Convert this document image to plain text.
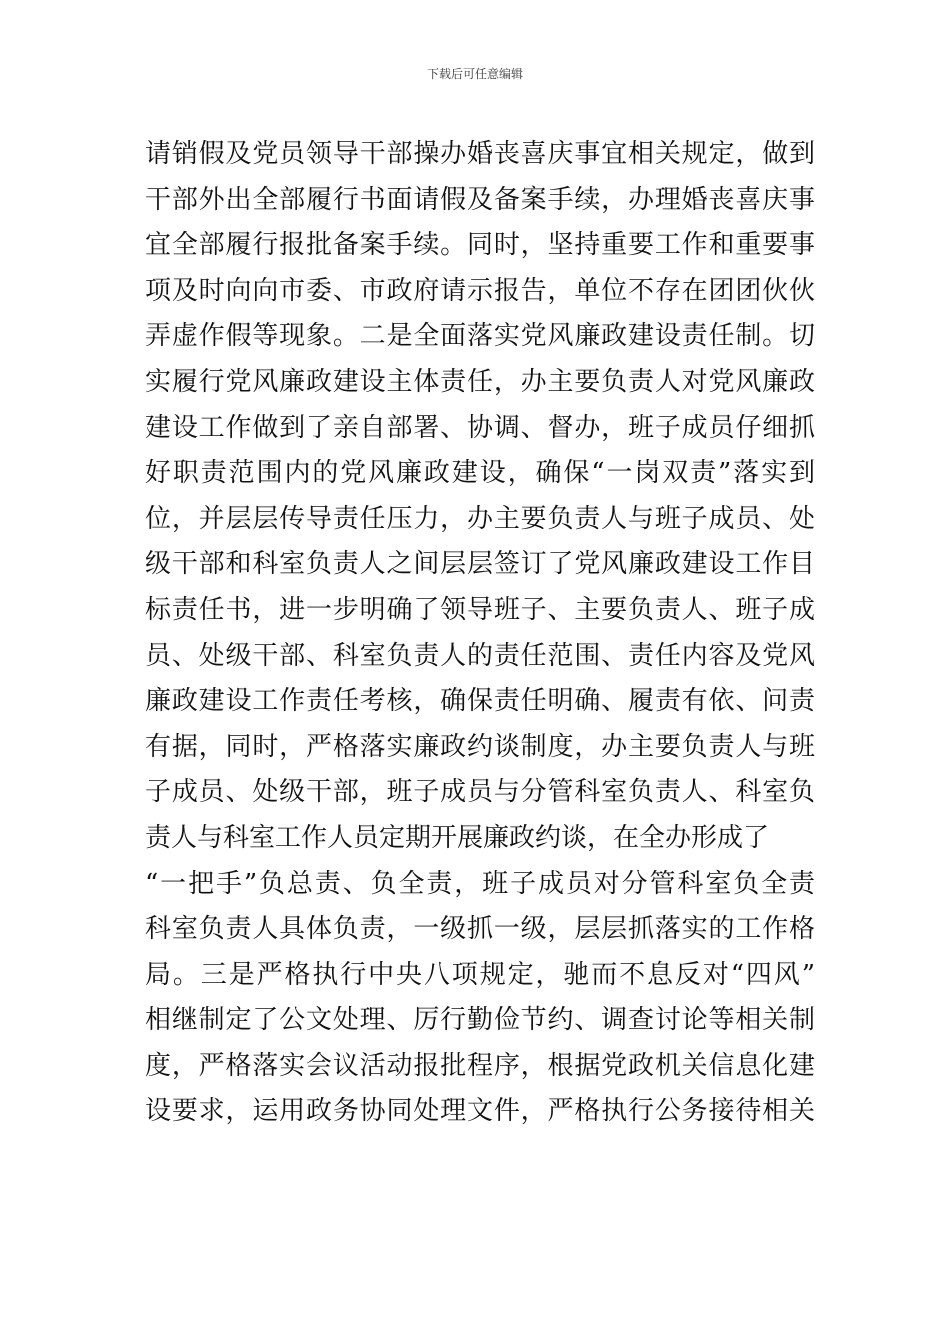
下载后可任意编辑
请销假及党员领导干部操办婚丧喜庆事宜相关规定，做到
干部外出全部履行书面请假及备案手续，办理婚丧喜庆事
宜全部履行报批备案手续。同时，坚持重要工作和重要事
项及时向向市委、市政府请示报告，单位不存在团团伙伙
弄虚作假等现象。二是全面落实党风廉政建设责任制。切
实履行党风廉政建设主体责任，办主要负责人对党风廉政
建设工作做到了亲自部署、协调、督办，班子成员仔细抓
好职责范围内的党风廉政建设，确保“一岗双责”落实到
位，并层层传导责任压力，办主要负责人与班子成员、处
级干部和科室负责人之间层层签订了党风廉政建设工作目
标责任书，进一步明确了领导班子、主要负责人、班子成
员、处级干部、科室负责人的责任范围、责任内容及党风
廉政建设工作责任考核，确保责任明确、履责有依、问责
有据，同时，严格落实廉政约谈制度，办主要负责人与班
子成员、处级干部，班子成员与分管科室负责人、科室负
责人与科室工作人员定期开展廉政约谈，在全办形成了
“一把手”负总责、负全责，班子成员对分管科室负全责
科室负责人具体负责，一级抓一级，层层抓落实的工作格
局。三是严格执行中央八项规定，驰而不息反对“四风”
相继制定了公文处理、厉行勤俭节约、调查讨论等相关制
度，严格落实会议活动报批程序，根据党政机关信息化建
设要求，运用政务协同处理文件，严格执行公务接待相关
